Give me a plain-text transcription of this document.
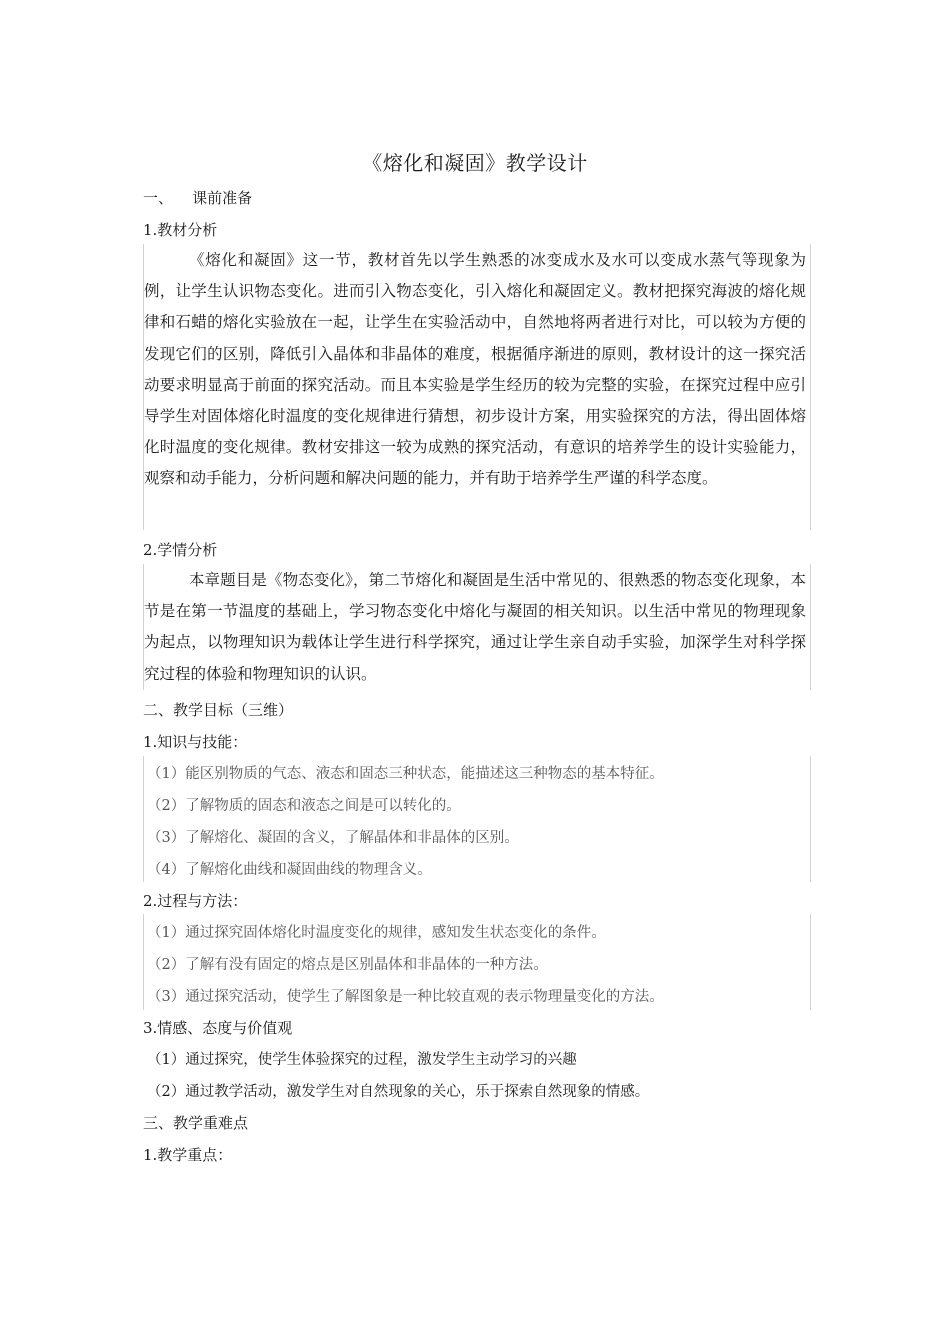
《熔化和凝固》教学设计
一、    课前准备
1.教材分析

《熔化和凝固》这一节，教材首先以学生熟悉的冰变成水及水可以变成水蒸气等现象为例，让学生认识物态变化。进而引入物态变化，引入熔化和凝固定义。教材把探究海波的熔化规律和石蜡的熔化实验放在一起，让学生在实验活动中，自然地将两者进行对比，可以较为方便的发现它们的区别，降低引入晶体和非晶体的难度，根据循序渐进的原则，教材设计的这一探究活动要求明显高于前面的探究活动。而且本实验是学生经历的较为完整的实验，在探究过程中应引导学生对固体熔化时温度的变化规律进行猜想，初步设计方案，用实验探究的方法，得出固体熔化时温度的变化规律。教材安排这一较为成熟的探究活动，有意识的培养学生的设计实验能力，观察和动手能力，分析问题和解决问题的能力，并有助于培养学生严谨的科学态度。

2.学情分析

本章题目是《物态变化》，第二节熔化和凝固是生活中常见的、很熟悉的物态变化现象，本节是在第一节温度的基础上，学习物态变化中熔化与凝固的相关知识。以生活中常见的物理现象为起点，以物理知识为载体让学生进行科学探究，通过让学生亲自动手实验，加深学生对科学探究过程的体验和物理知识的认识。

二、教学目标（三维）
1.知识与技能：
（1）能区别物质的气态、液态和固态三种状态，能描述这三种物态的基本特征。
（2）了解物质的固态和液态之间是可以转化的。
（3）了解熔化、凝固的含义，了解晶体和非晶体的区别。
（4）了解熔化曲线和凝固曲线的物理含义。
2.过程与方法：
（1）通过探究固体熔化时温度变化的规律，感知发生状态变化的条件。
（2）了解有没有固定的熔点是区别晶体和非晶体的一种方法。
（3）通过探究活动，使学生了解图象是一种比较直观的表示物理量变化的方法。
3.情感、态度与价值观
（1）通过探究，使学生体验探究的过程，激发学生主动学习的兴趣
（2）通过教学活动，激发学生对自然现象的关心，乐于探索自然现象的情感。
三、教学重难点
1.教学重点：
